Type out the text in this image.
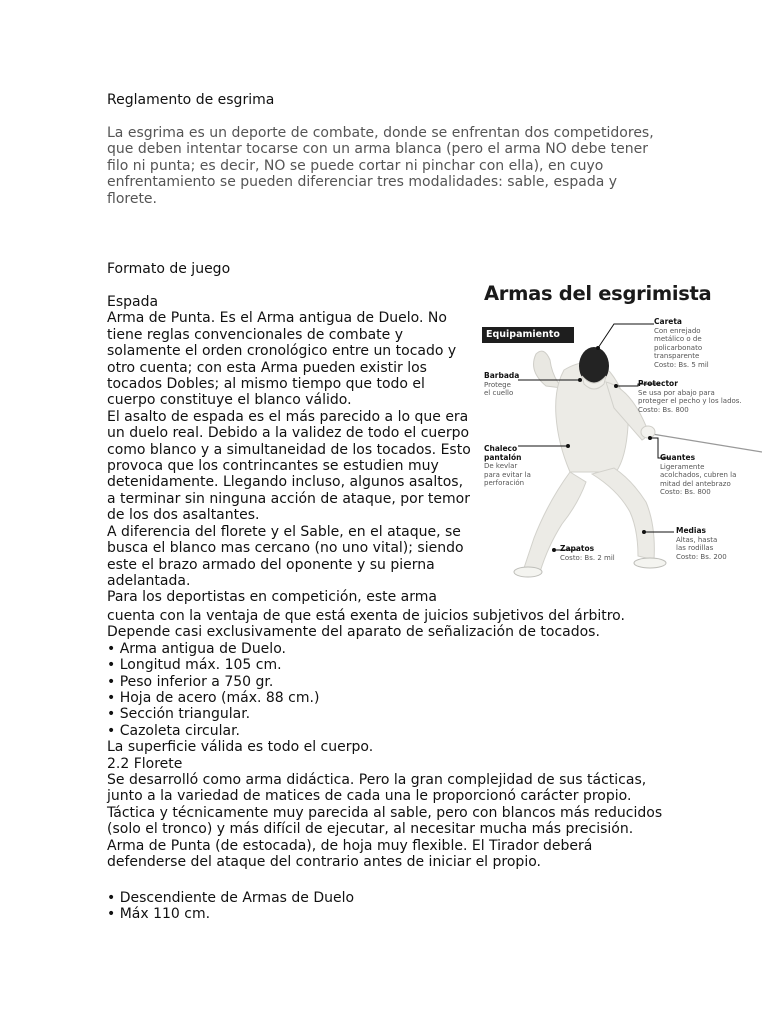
Reglamento de esgrima
La esgrima es un deporte de combate, donde se enfrentan dos competidores,
que deben intentar tocarse con un arma blanca (pero el arma NO debe tener
filo ni punta; es decir, NO se puede cortar ni pinchar con ella), en cuyo
enfrentamiento se pueden diferenciar tres modalidades: sable, espada y
florete.
Formato de juego
Espada
Arma de Punta. Es el Arma antigua de Duelo. No
tiene reglas convencionales de combate y
solamente el orden cronológico entre un tocado y
otro cuenta; con esta Arma pueden existir los
tocados Dobles; al mismo tiempo que todo el
cuerpo constituye el blanco válido.
El asalto de espada es el más parecido a lo que era
un duelo real. Debido a la validez de todo el cuerpo
como blanco y a simultaneidad de los tocados. Esto
provoca que los contrincantes se estudien muy
detenidamente. Llegando incluso, algunos asaltos,
a terminar sin ninguna acción de ataque, por temor
de los dos asaltantes.
A diferencia del florete y el Sable, en el ataque, se
busca el blanco mas cercano (no uno vital); siendo
este el brazo armado del oponente y su pierna
adelantada.
Para los deportistas en competición, este arma
cuenta con la ventaja de que está exenta de juicios subjetivos del árbitro.
Depende casi exclusivamente del aparato de señalización de tocados.
• Arma antigua de Duelo.
• Longitud máx. 105 cm.
• Peso inferior a 750 gr.
• Hoja de acero (máx. 88 cm.)
• Sección triangular.
• Cazoleta circular.
La superficie válida es todo el cuerpo.
2.2 Florete
Se desarrolló como arma didáctica. Pero la gran complejidad de sus tácticas,
junto a la variedad de matices de cada una le proporcionó carácter propio.
Táctica y técnicamente muy parecida al sable, pero con blancos más reducidos
(solo el tronco) y más difícil de ejecutar, al necesitar mucha más precisión.
Arma de Punta (de estocada), de hoja muy flexible. El Tirador deberá
defenderse del ataque del contrario antes de iniciar el propio.
• Descendiente de Armas de Duelo
• Máx 110 cm.
Armas del esgrimista
Equipamiento
Careta
Con enrejado
metálico o de
policarbonato
transparente
Costo: Bs. 5 mil
Barbada
Protege
el cuello
Protector
Se usa por abajo para
proteger el pecho y los lados.
Costo: Bs. 800
Chaleco
pantalón
De kevlar
para evitar la
perforación
Guantes
Ligeramente
acolchados, cubren la
mitad del antebrazo
Costo: Bs. 800
Medias
Altas, hasta
las rodillas
Costo: Bs. 200
Zapatos
Costo: Bs. 2 mil
